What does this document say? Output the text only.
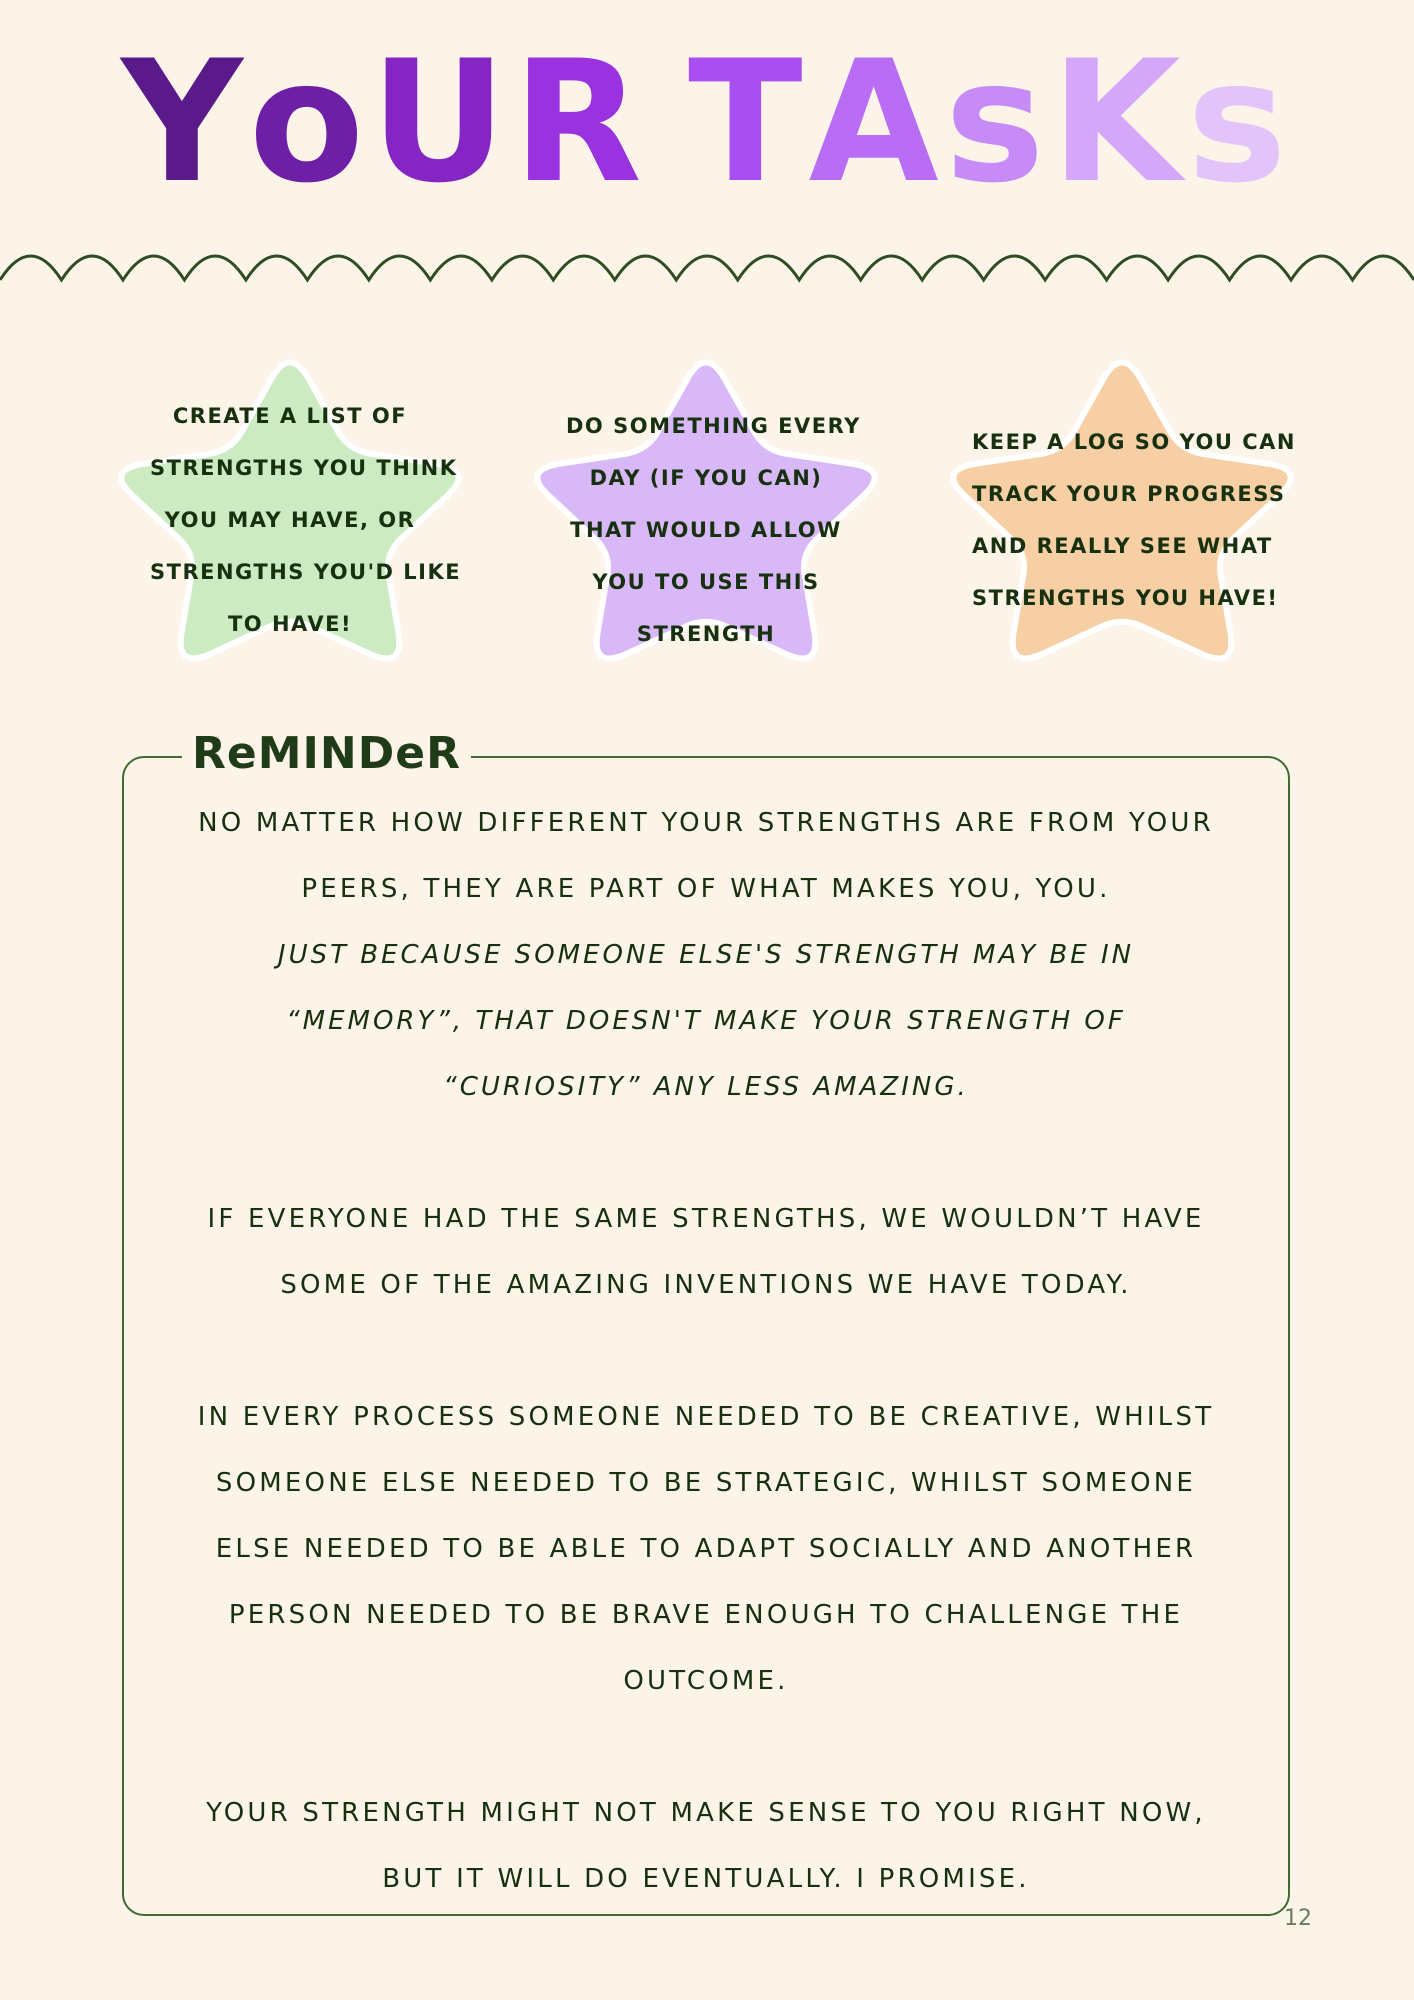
YoUR TAsKs
CREATE A LIST OF
STRENGTHS YOU THINK
YOU MAY HAVE, OR
STRENGTHS YOU'D LIKE
TO HAVE!
DO SOMETHING EVERY
DAY (IF YOU CAN)
THAT WOULD ALLOW
YOU TO USE THIS
STRENGTH
KEEP A LOG SO YOU CAN
TRACK YOUR PROGRESS
AND REALLY SEE WHAT
STRENGTHS YOU HAVE!
ReMINDeR
NO MATTER HOW DIFFERENT YOUR STRENGTHS ARE FROM YOUR
PEERS, THEY ARE PART OF WHAT MAKES YOU, YOU.
JUST BECAUSE SOMEONE ELSE'S STRENGTH MAY BE IN
“MEMORY”, THAT DOESN'T MAKE YOUR STRENGTH OF
“CURIOSITY” ANY LESS AMAZING.
IF EVERYONE HAD THE SAME STRENGTHS, WE WOULDN’T HAVE
SOME OF THE AMAZING INVENTIONS WE HAVE TODAY.
IN EVERY PROCESS SOMEONE NEEDED TO BE CREATIVE, WHILST
SOMEONE ELSE NEEDED TO BE STRATEGIC, WHILST SOMEONE
ELSE NEEDED TO BE ABLE TO ADAPT SOCIALLY AND ANOTHER
PERSON NEEDED TO BE BRAVE ENOUGH TO CHALLENGE THE
OUTCOME.
YOUR STRENGTH MIGHT NOT MAKE SENSE TO YOU RIGHT NOW,
BUT IT WILL DO EVENTUALLY. I PROMISE.
12
